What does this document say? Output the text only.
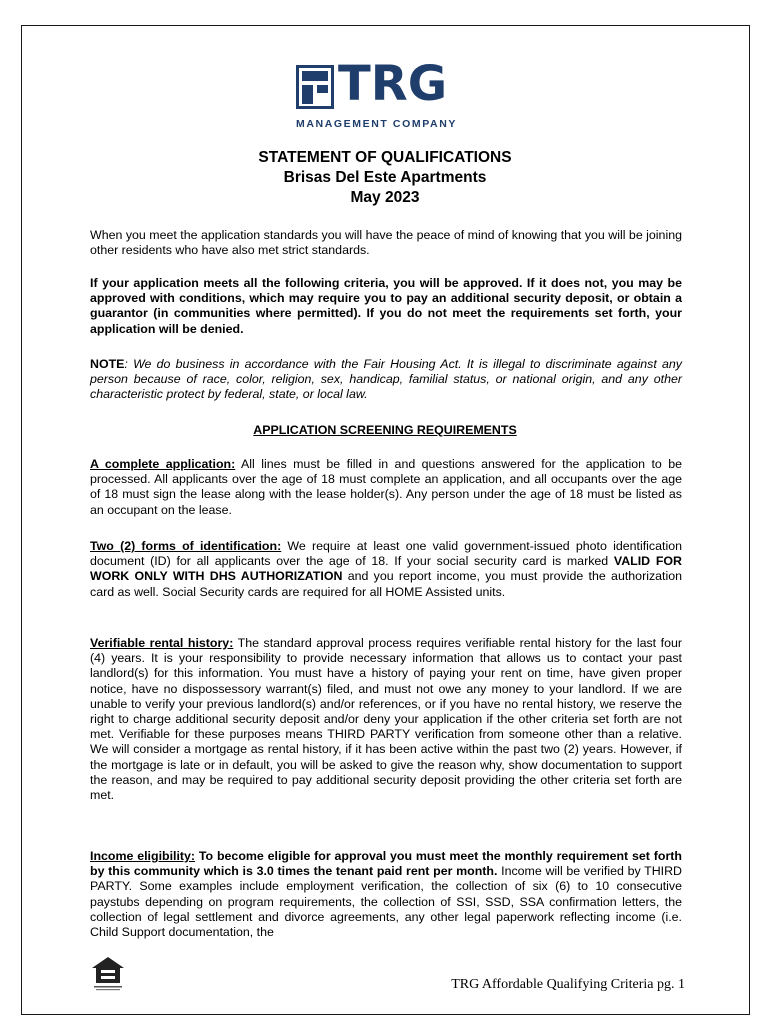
TRG
MANAGEMENT COMPANY
STATEMENT OF QUALIFICATIONS
Brisas Del Este Apartments
May 2023
When you meet the application standards you will have the peace of mind of knowing that you will be joining other residents who have also met strict standards.
If your application meets all the following criteria, you will be approved. If it does not, you may be approved with conditions, which may require you to pay an additional security deposit, or obtain a guarantor (in communities where permitted). If you do not meet the requirements set forth, your application will be denied.
NOTE: We do business in accordance with the Fair Housing Act. It is illegal to discriminate against any person because of race, color, religion, sex, handicap, familial status, or national origin, and any other characteristic protect by federal, state, or local law.
APPLICATION SCREENING REQUIREMENTS
A complete application: All lines must be filled in and questions answered for the application to be processed. All applicants over the age of 18 must complete an application, and all occupants over the age of 18 must sign the lease along with the lease holder(s). Any person under the age of 18 must be listed as an occupant on the lease.
Two (2) forms of identification: We require at least one valid government-issued photo identification document (ID) for all applicants over the age of 18. If your social security card is marked VALID FOR WORK ONLY WITH DHS AUTHORIZATION and you report income, you must provide the authorization card as well. Social Security cards are required for all HOME Assisted units.
Verifiable rental history: The standard approval process requires verifiable rental history for the last four (4) years. It is your responsibility to provide necessary information that allows us to contact your past landlord(s) for this information. You must have a history of paying your rent on time, have given proper notice, have no dispossessory warrant(s) filed, and must not owe any money to your landlord. If we are unable to verify your previous landlord(s) and/or references, or if you have no rental history, we reserve the right to charge additional security deposit and/or deny your application if the other criteria set forth are not met. Verifiable for these purposes means THIRD PARTY verification from someone other than a relative. We will consider a mortgage as rental history, if it has been active within the past two (2) years. However, if the mortgage is late or in default, you will be asked to give the reason why, show documentation to support the reason, and may be required to pay additional security deposit providing the other criteria set forth are met.
Income eligibility: To become eligible for approval you must meet the monthly requirement set forth by this community which is 3.0 times the tenant paid rent per month. Income will be verified by THIRD PARTY. Some examples include employment verification, the collection of six (6) to 10 consecutive paystubs depending on program requirements, the collection of SSI, SSD, SSA confirmation letters, the collection of legal settlement and divorce agreements, any other legal paperwork reflecting income (i.e. Child Support documentation, the
TRG Affordable Qualifying Criteria pg. 1
